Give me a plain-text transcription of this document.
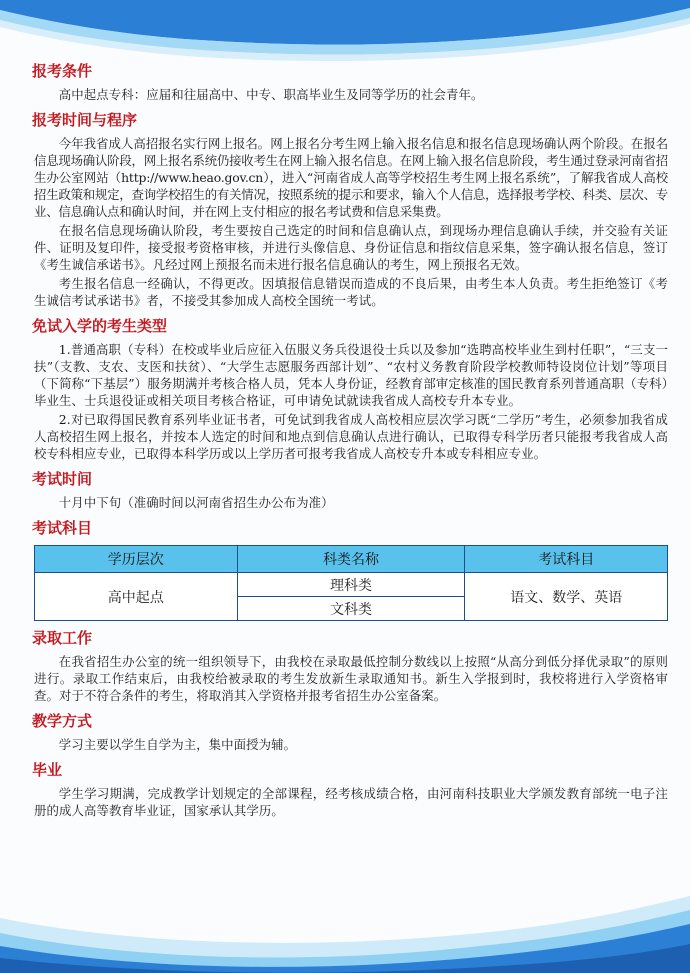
报考条件

高中起点专科：应届和往届高中、中专、职高毕业生及同等学历的社会青年。

报考时间与程序

今年我省成人高招报名实行网上报名。网上报名分考生网上输入报名信息和报名信息现场确认两个阶段。在报名信息现场确认阶段，网上报名系统仍接收考生在网上输入报名信息。在网上输入报名信息阶段，考生通过登录河南省招生办公室网站（http://www.heao.gov.cn），进入“河南省成人高等学校招生考生网上报名系统”，了解我省成人高校招生政策和规定，查询学校招生的有关情况，按照系统的提示和要求，输入个人信息，选择报考学校、科类、层次、专业、信息确认点和确认时间，并在网上支付相应的报名考试费和信息采集费。

在报名信息现场确认阶段，考生要按自己选定的时间和信息确认点，到现场办理信息确认手续，并交验有关证件、证明及复印件，接受报考资格审核，并进行头像信息、身份证信息和指纹信息采集，签字确认报名信息，签订《考生诚信承诺书》。凡经过网上预报名而未进行报名信息确认的考生，网上预报名无效。

考生报名信息一经确认，不得更改。因填报信息错误而造成的不良后果，由考生本人负责。考生拒绝签订《考生诚信考试承诺书》者，不接受其参加成人高校全国统一考试。

免试入学的考生类型

1.普通高职（专科）在校或毕业后应征入伍服义务兵役退役士兵以及参加“选聘高校毕业生到村任职”，“三支一扶”（支教、支农、支医和扶贫）、“大学生志愿服务西部计划”、“农村义务教育阶段学校教师特设岗位计划”等项目（下简称“下基层”）服务期满并考核合格人员，凭本人身份证，经教育部审定核准的国民教育系列普通高职（专科）毕业生、士兵退役证或相关项目考核合格证，可申请免试就读我省成人高校专升本专业。

2.对已取得国民教育系列毕业证书者，可免试到我省成人高校相应层次学习既“二学历”考生，必须参加我省成人高校招生网上报名，并按本人选定的时间和地点到信息确认点进行确认，已取得专科学历者只能报考我省成人高校专科相应专业，已取得本科学历或以上学历者可报考我省成人高校专升本或专科相应专业。

考试时间

十月中下旬（准确时间以河南省招生办公布为准）

考试科目
学历层次	科类名称	考试科目
高中起点	理科类	语文、数学、英语
	文科类	
录取工作

在我省招生办公室的统一组织领导下，由我校在录取最低控制分数线以上按照“从高分到低分择优录取”的原则进行。录取工作结束后，由我校给被录取的考生发放新生录取通知书。新生入学报到时，我校将进行入学资格审查。对于不符合条件的考生，将取消其入学资格并报考省招生办公室备案。

教学方式

学习主要以学生自学为主，集中面授为辅。

毕业

学生学习期满，完成教学计划规定的全部课程，经考核成绩合格，由河南科技职业大学颁发教育部统一电子注册的成人高等教育毕业证，国家承认其学历。
